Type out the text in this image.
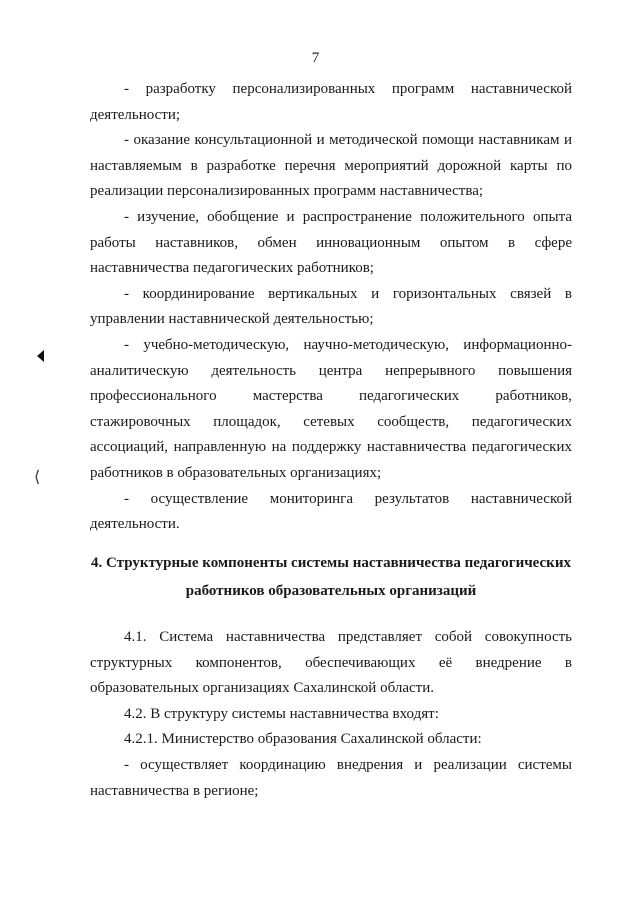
7

- разработку персонализированных программ наставнической деятельности;

- оказание консультационной и методической помощи наставникам и наставляемым в разработке перечня мероприятий дорожной карты по реализации персонализированных программ наставничества;

- изучение, обобщение и распространение положительного опыта работы наставников, обмен инновационным опытом в сфере наставничества педагогических работников;

- координирование вертикальных и горизонтальных связей в управлении наставнической деятельностью;

- учебно-методическую, научно-методическую, информационно-аналитическую деятельность центра непрерывного повышения профессионального мастерства педагогических работников, стажировочных площадок, сетевых сообществ, педагогических ассоциаций, направленную на поддержку наставничества педагогических работников в образовательных организациях;

- осуществление мониторинга результатов наставнической деятельности.

4. Структурные компоненты системы наставничества педагогических
работников образовательных организаций

4.1. Система наставничества представляет собой совокупность структурных компонентов, обеспечивающих её внедрение в образовательных организациях Сахалинской области.

4.2. В структуру системы наставничества входят:

4.2.1. Министерство образования Сахалинской области:

- осуществляет координацию внедрения и реализации системы наставничества в регионе;

⟨
